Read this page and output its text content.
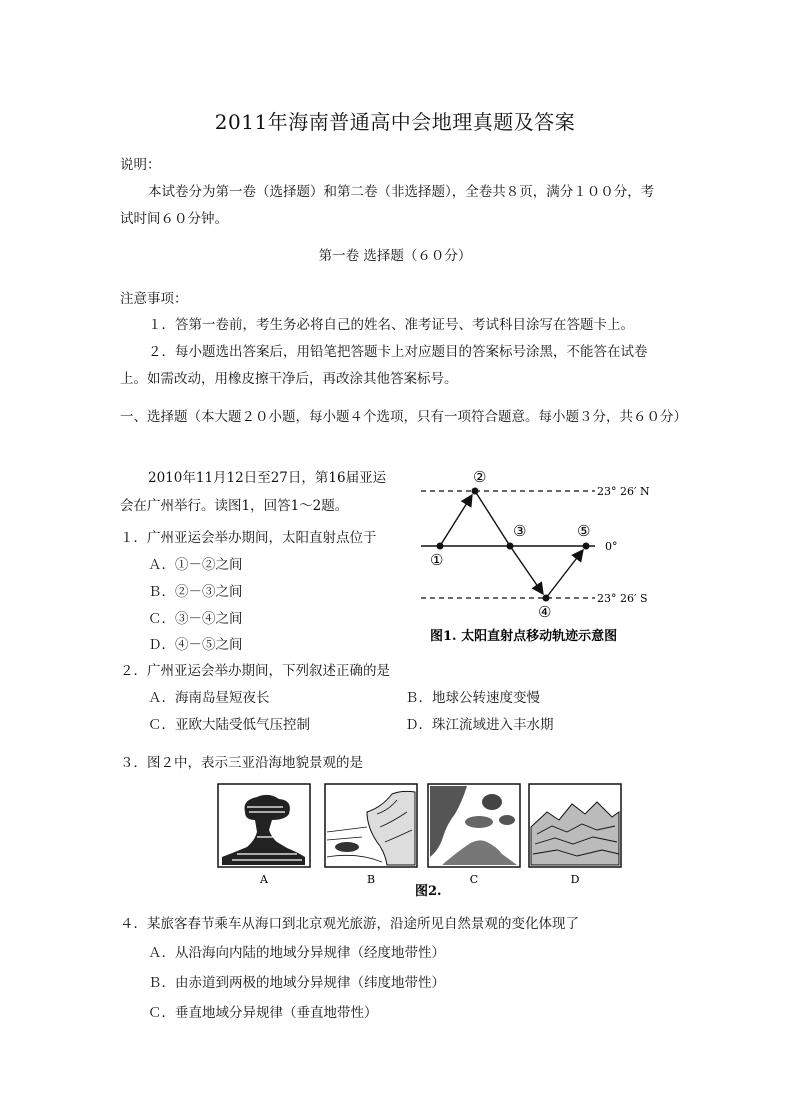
2011年海南普通高中会地理真题及答案
说明：
本试卷分为第一卷（选择题）和第二卷（非选择题），全卷共８页，满分１００分，考
试时间６０分钟。
第一卷 选择题（６０分）
注意事项：
１．答第一卷前，考生务必将自己的姓名、准考证号、考试科目涂写在答题卡上。
２．每小题选出答案后，用铅笔把答题卡上对应题目的答案标号涂黑，不能答在试卷
上。如需改动，用橡皮擦干净后，再改涂其他答案标号。
一、选择题（本大题２０小题，每小题４个选项，只有一项符合题意。每小题３分，共６０分）
2010年11月12日至27日，第16届亚运
会在广州举行。读图1，回答1～2题。
１．广州亚运会举办期间，太阳直射点位于
Ａ．①－②之间
Ｂ．②－③之间
Ｃ．③－④之间
Ｄ．④－⑤之间
①
②
③
④
⑤
23° 26′ N
0°
23° 26′ S
图1. 太阳直射点移动轨迹示意图
２．广州亚运会举办期间，下列叙述正确的是
Ａ．海南岛昼短夜长	Ｂ．地球公转速度变慢
Ｃ．亚欧大陆受低气压控制	Ｄ．珠江流域进入丰水期
３．图２中，表示三亚沿海地貌景观的是
A	B	C	D
图2.
４．某旅客春节乘车从海口到北京观光旅游，沿途所见自然景观的变化体现了
Ａ．从沿海向内陆的地域分异规律（经度地带性）
Ｂ．由赤道到两极的地域分异规律（纬度地带性）
Ｃ．垂直地域分异规律（垂直地带性）
